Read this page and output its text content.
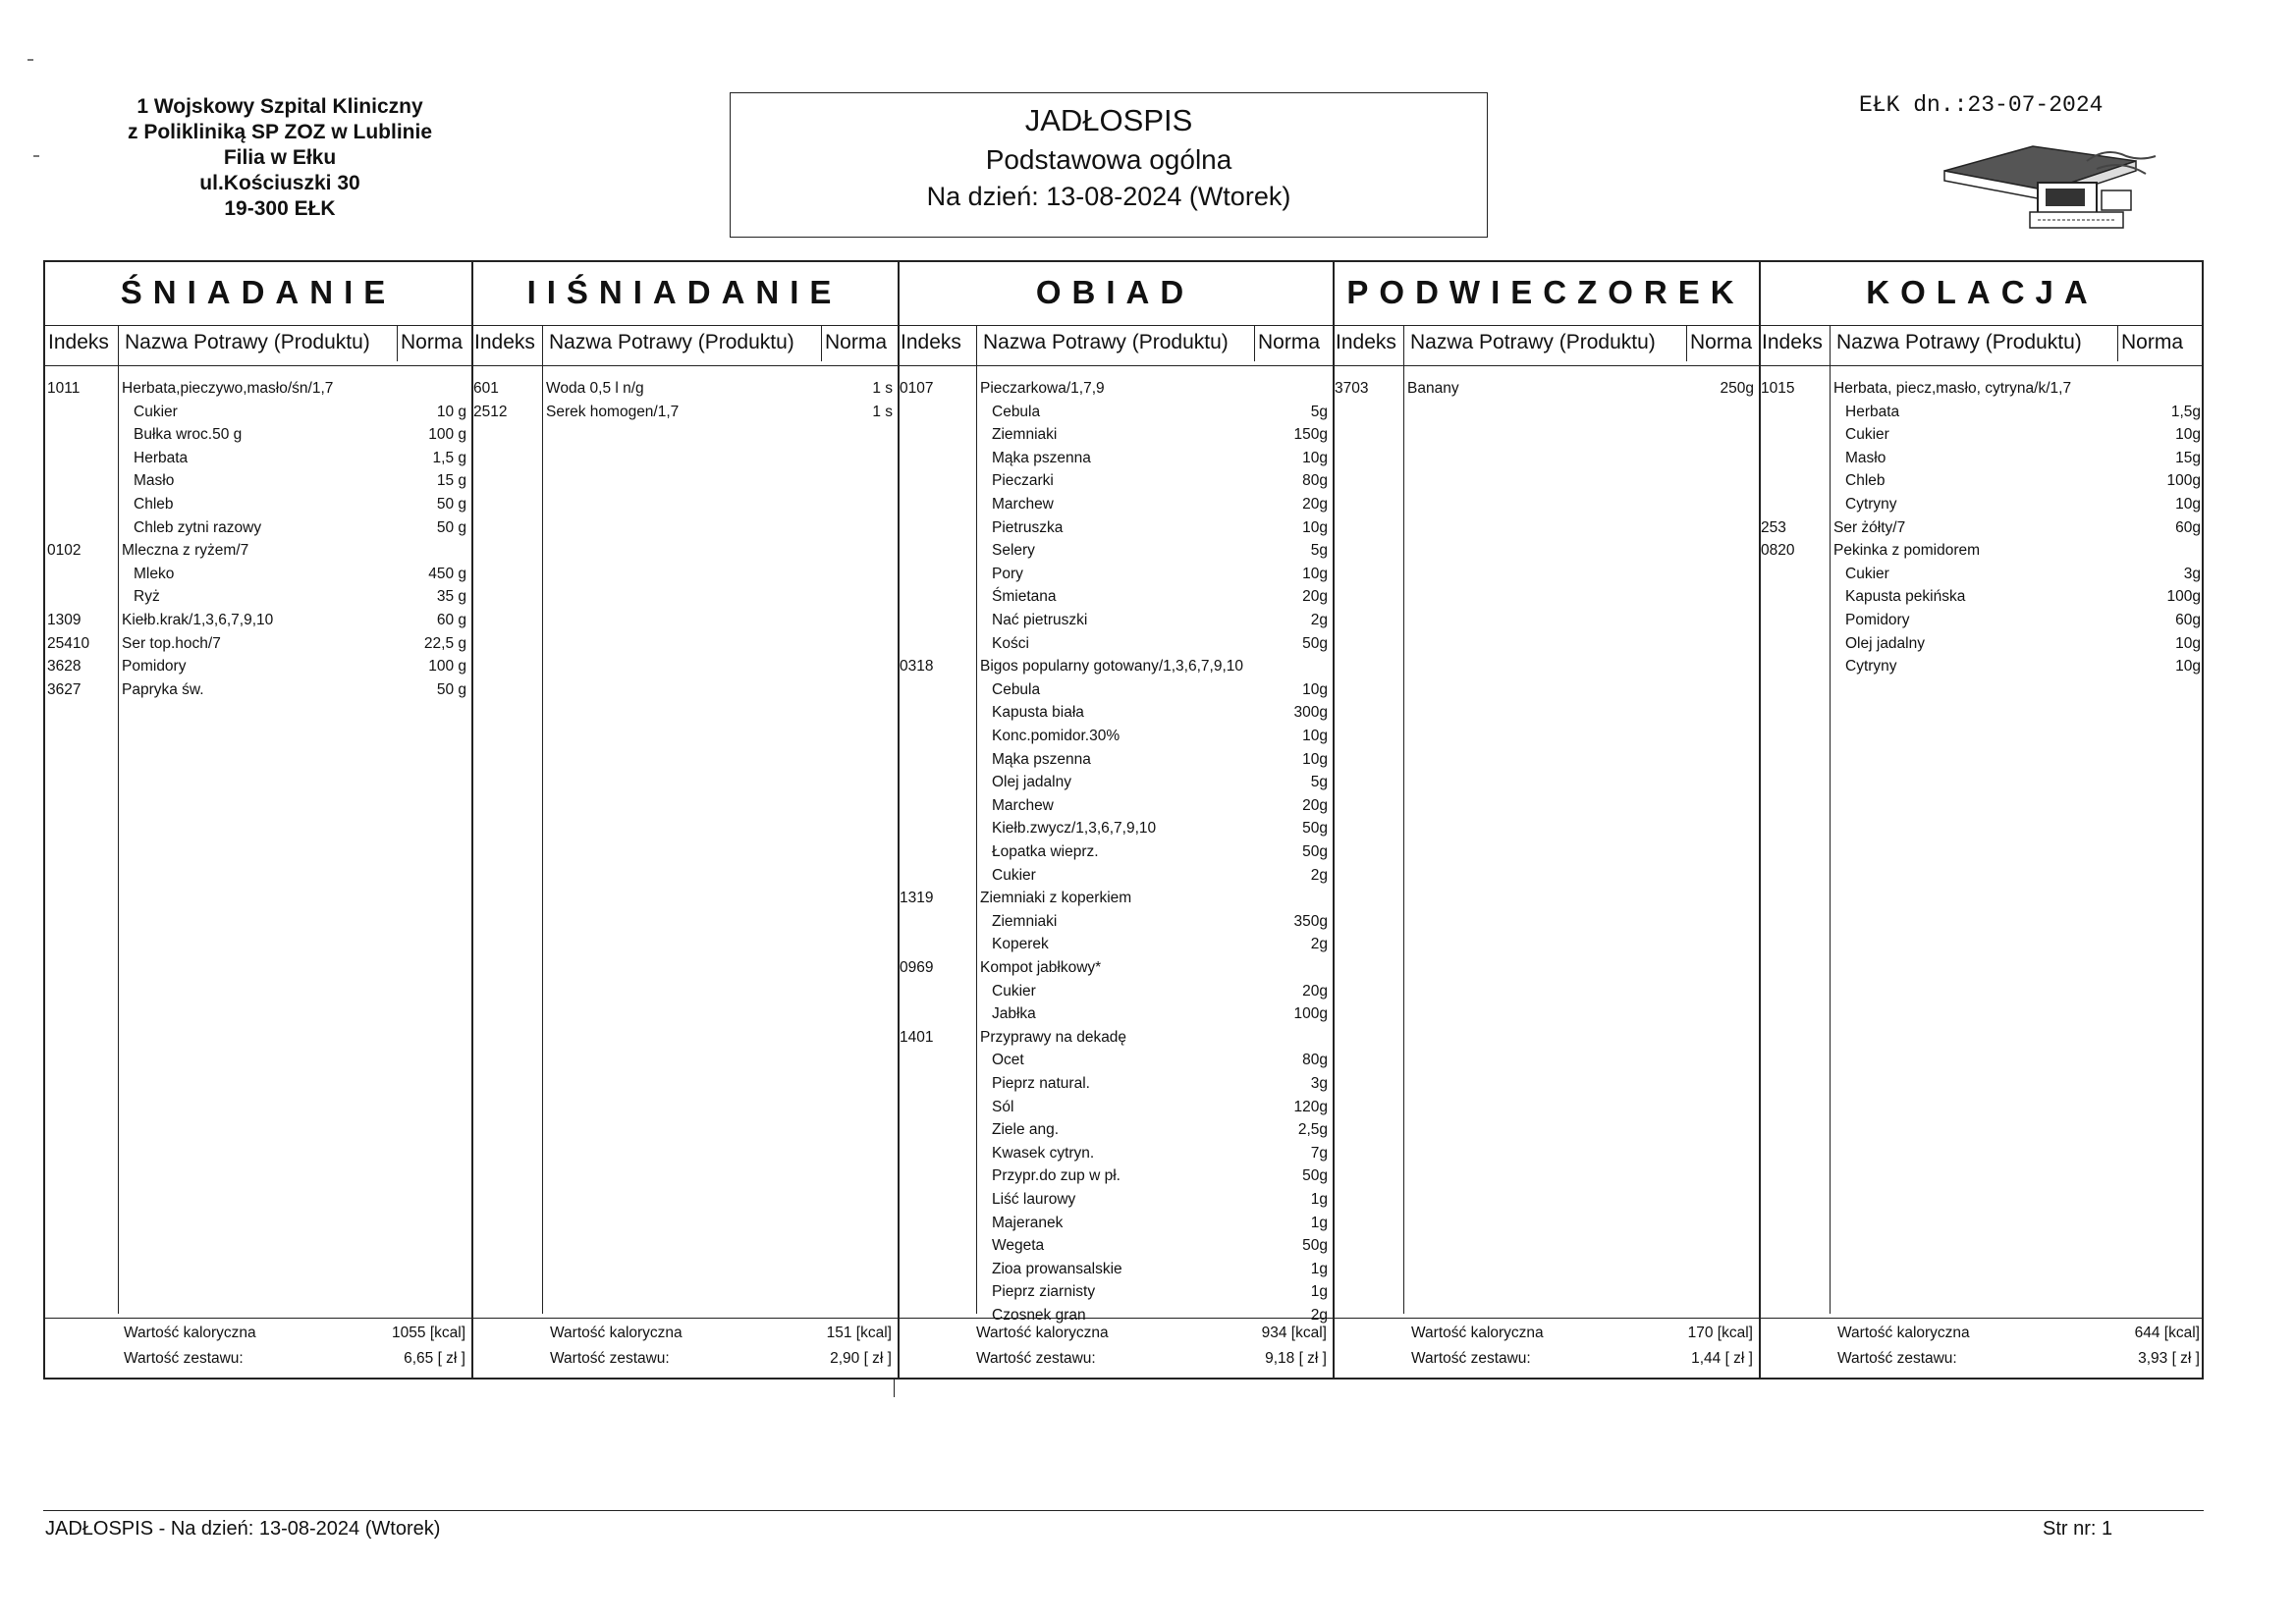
1 Wojskowy Szpital Kliniczny
z Polikliniką SP ZOZ w Lublinie
Filia w Ełku
ul.Kościuszki 30
19-300 EŁK
JADŁOSPIS
Podstawowa ogólna
Na dzień: 13-08-2024 (Wtorek)
EŁK dn.:23-07-2024
ŚNIADANIE
Indeks Nazwa Potrawy (Produktu) Norma
1011	Herbata,pieczywo,masło/śn/1,7
Cukier	10 g
Bułka wroc.50 g	100 g
Herbata	1,5 g
Masło	15 g
Chleb	50 g
Chleb zytni razowy	50 g
0102	Mleczna z ryżem/7
Mleko	450 g
Ryż	35 g
1309	Kiełb.krak/1,3,6,7,9,10	60 g
25410 Ser top.hoch/7	22,5 g
3628	Pomidory	100 g
3627	Papryka św.	50 g
Wartość kaloryczna	1055 [kcal]
Wartość zestawu:	6,65 [ zł ]
IIŚNIADANIE
Indeks Nazwa Potrawy (Produktu) Norma
601	Woda 0,5 l n/g	1 s
2512	Serek homogen/1,7	1 s
Wartość kaloryczna	151 [kcal]
Wartość zestawu:	2,90 [ zł ]
OBIAD
Indeks Nazwa Potrawy (Produktu) Norma
0107	Pieczarkowa/1,7,9
Cebula	5g
Ziemniaki	150g
Mąka pszenna	10g
Pieczarki	80g
Marchew	20g
Pietruszka	10g
Selery	5g
Pory	10g
Śmietana	20g
Nać pietruszki	2g
Kości	50g
0318	Bigos popularny gotowany/1,3,6,7,9,10
Cebula	10g
Kapusta biała	300g
Konc.pomidor.30%	10g
Mąka pszenna	10g
Olej jadalny	5g
Marchew	20g
Kiełb.zwycz/1,3,6,7,9,10	50g
Łopatka wieprz.	50g
Cukier	2g
1319	Ziemniaki z koperkiem
Ziemniaki	350g
Koperek	2g
0969	Kompot jabłkowy*
Cukier	20g
Jabłka	100g
1401	Przyprawy na dekadę
Ocet	80g
Pieprz natural.	3g
Sól	120g
Ziele ang.	2,5g
Kwasek cytryn.	7g
Przypr.do zup w pł.	50g
Liść laurowy	1g
Majeranek	1g
Wegeta	50g
Zioa prowansalskie	1g
Pieprz ziarnisty	1g
Czosnek gran	2g
Wartość kaloryczna	934 [kcal]
Wartość zestawu:	9,18 [ zł ]
PODWIECZOREK
Indeks Nazwa Potrawy (Produktu) Norma
3703	Banany	250g
Wartość kaloryczna	170 [kcal]
Wartość zestawu:	1,44 [ zł ]
KOLACJA
Indeks Nazwa Potrawy (Produktu) Norma
1015	Herbata, piecz,masło, cytryna/k/1,7
Herbata	1,5g
Cukier	10g
Masło	15g
Chleb	100g
Cytryny	10g
253	Ser żółty/7	60g
0820	Pekinka z pomidorem
Cukier	3g
Kapusta pekińska	100g
Pomidory	60g
Olej jadalny	10g
Cytryny	10g
Wartość kaloryczna	644 [kcal]
Wartość zestawu:	3,93 [ zł ]
JADŁOSPIS - Na dzień: 13-08-2024 (Wtorek)	Str nr: 1
